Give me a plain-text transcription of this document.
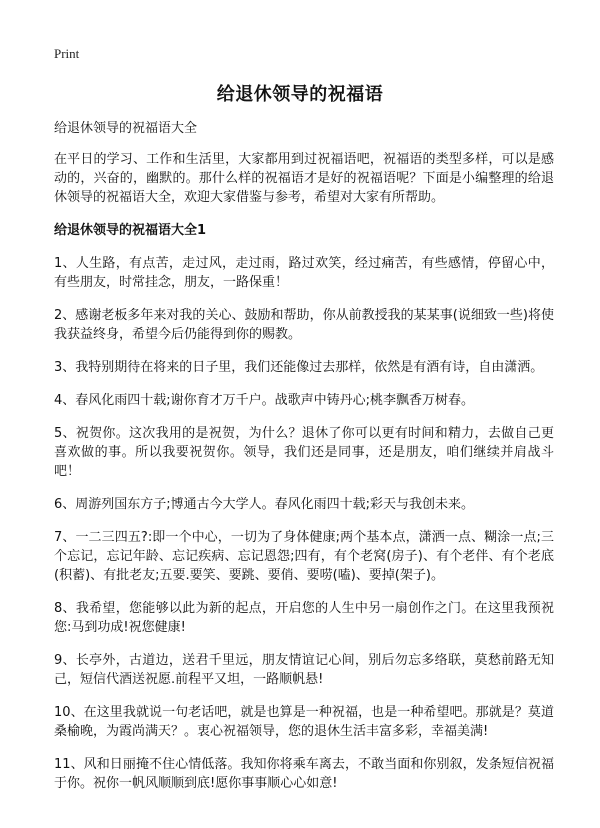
Print
给退休领导的祝福语

给退休领导的祝福语大全

在平日的学习、工作和生活里，大家都用到过祝福语吧，祝福语的类型多样，可以是感动的，兴奋的，幽默的。那什么样的祝福语才是好的祝福语呢？下面是小编整理的给退休领导的祝福语大全，欢迎大家借鉴与参考，希望对大家有所帮助。

给退休领导的祝福语大全1

1、人生路，有点苦，走过风，走过雨，路过欢笑，经过痛苦，有些感情，停留心中，有些朋友，时常挂念，朋友，一路保重！

2、感谢老板多年来对我的关心、鼓励和帮助，你从前教授我的某某事(说细致一些)将使我获益终身，希望今后仍能得到你的赐教。

3、我特别期待在将来的日子里，我们还能像过去那样，依然是有酒有诗，自由潇洒。

4、春风化雨四十载;谢你育才万千户。战歌声中铸丹心;桃李飘香万树春。

5、祝贺你。这次我用的是祝贺，为什么？退休了你可以更有时间和精力，去做自己更喜欢做的事。所以我要祝贺你。领导，我们还是同事，还是朋友，咱们继续并肩战斗吧！

6、周游列国东方子;博通古今大学人。春风化雨四十载;彩天与我创未来。

7、一二三四五?:即一个中心，一切为了身体健康;两个基本点，潇洒一点、糊涂一点;三个忘记，忘记年龄、忘记疾病、忘记恩怨;四有，有个老窝(房子)、有个老伴、有个老底(积蓄)、有批老友;五要.要笑、要跳、要俏、要唠(嗑)、要掉(架子)。

8、我希望，您能够以此为新的起点，开启您的人生中另一扇创作之门。在这里我预祝您:马到功成!祝您健康!

9、长亭外，古道边，送君千里远，朋友情谊记心间，别后勿忘多络联，莫愁前路无知己，短信代酒送祝愿.前程平又坦，一路顺帆悬!

10、在这里我就说一句老话吧，就是也算是一种祝福，也是一种希望吧。那就是？莫道桑榆晚，为霞尚满天？。衷心祝福领导，您的退休生活丰富多彩，幸福美满!

11、风和日丽掩不住心情低落。我知你将乘车离去，不敢当面和你别叙，发条短信祝福于你。祝你一帆风顺顺到底!愿你事事顺心心如意!
